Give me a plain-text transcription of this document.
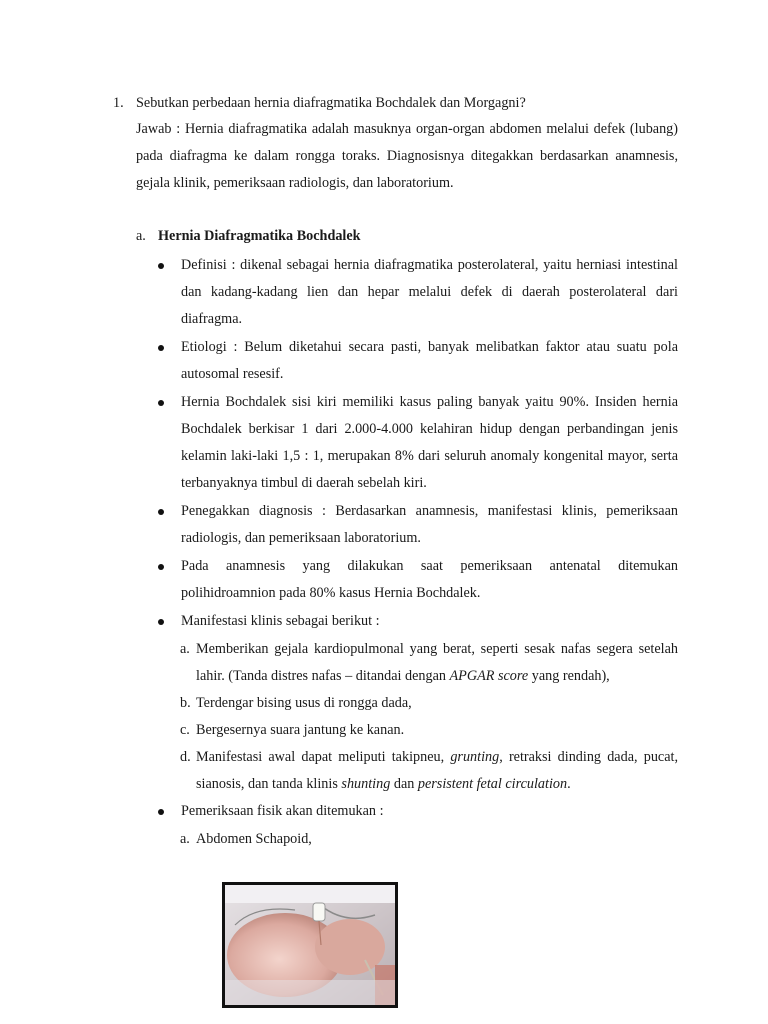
1. Sebutkan perbedaan hernia diafragmatika Bochdalek dan Morgagni?
Jawab : Hernia diafragmatika adalah masuknya organ-organ abdomen melalui defek (lubang) pada diafragma ke dalam rongga toraks. Diagnosisnya ditegakkan berdasarkan anamnesis, gejala klinik, pemeriksaan radiologis, dan laboratorium.
a. Hernia Diafragmatika Bochdalek
Definisi : dikenal sebagai hernia diafragmatika posterolateral, yaitu herniasi intestinal dan kadang-kadang lien dan hepar melalui defek di daerah posterolateral dari diafragma.
Etiologi : Belum diketahui secara pasti, banyak melibatkan faktor atau suatu pola autosomal resesif.
Hernia Bochdalek sisi kiri memiliki kasus paling banyak yaitu 90%. Insiden hernia Bochdalek berkisar 1 dari 2.000-4.000 kelahiran hidup dengan perbandingan jenis kelamin laki-laki 1,5 : 1, merupakan 8% dari seluruh anomaly kongenital mayor, serta terbanyaknya timbul di daerah sebelah kiri.
Penegakkan diagnosis : Berdasarkan anamnesis, manifestasi klinis, pemeriksaan radiologis, dan pemeriksaan laboratorium.
Pada anamnesis yang dilakukan saat pemeriksaan antenatal ditemukan polihidroamnion pada 80% kasus Hernia Bochdalek.
Manifestasi klinis sebagai berikut :
a. Memberikan gejala kardiopulmonal yang berat, seperti sesak nafas segera setelah lahir. (Tanda distres nafas – ditandai dengan APGAR score yang rendah),
b. Terdengar bising usus di rongga dada,
c. Bergesernya suara jantung ke kanan.
d. Manifestasi awal dapat meliputi takipneu, grunting, retraksi dinding dada, pucat, sianosis, dan tanda klinis shunting dan persistent fetal circulation.
Pemeriksaan fisik akan ditemukan :
a. Abdomen Schapoid,
